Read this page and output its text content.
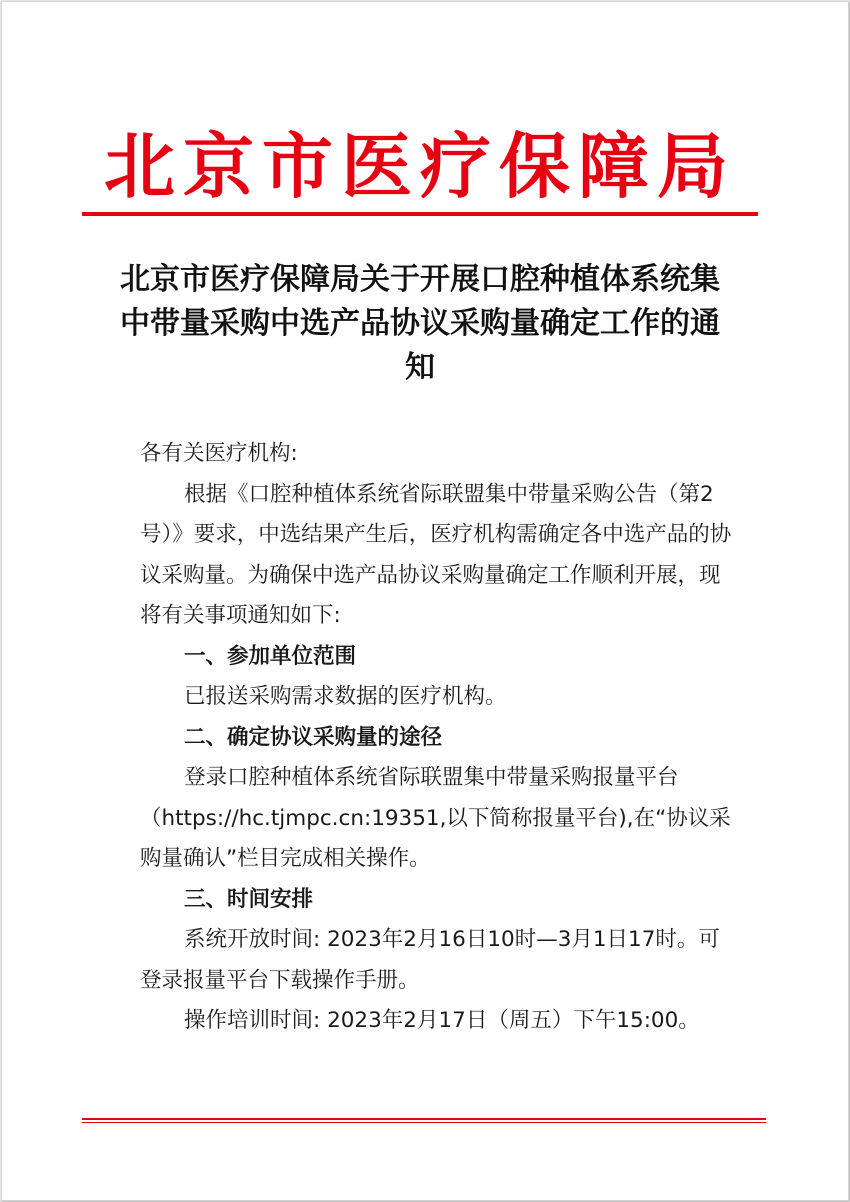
北京市医疗保障局
北京市医疗保障局关于开展口腔种植体系统集中带量采购中选产品协议采购量确定工作的通知

各有关医疗机构:

根据《口腔种植体系统省际联盟集中带量采购公告（第2号）》要求，中选结果产生后，医疗机构需确定各中选产品的协议采购量。为确保中选产品协议采购量确定工作顺利开展，现将有关事项通知如下:

一、参加单位范围

已报送采购需求数据的医疗机构。

二、确定协议采购量的途径

登录口腔种植体系统省际联盟集中带量采购报量平台（https://hc.tjmpc.cn:19351,以下简称报量平台),在“协议采购量确认”栏目完成相关操作。

三、时间安排

系统开放时间: 2023年2月16日10时—3月1日17时。可登录报量平台下载操作手册。

操作培训时间: 2023年2月17日（周五）下午15:00。
